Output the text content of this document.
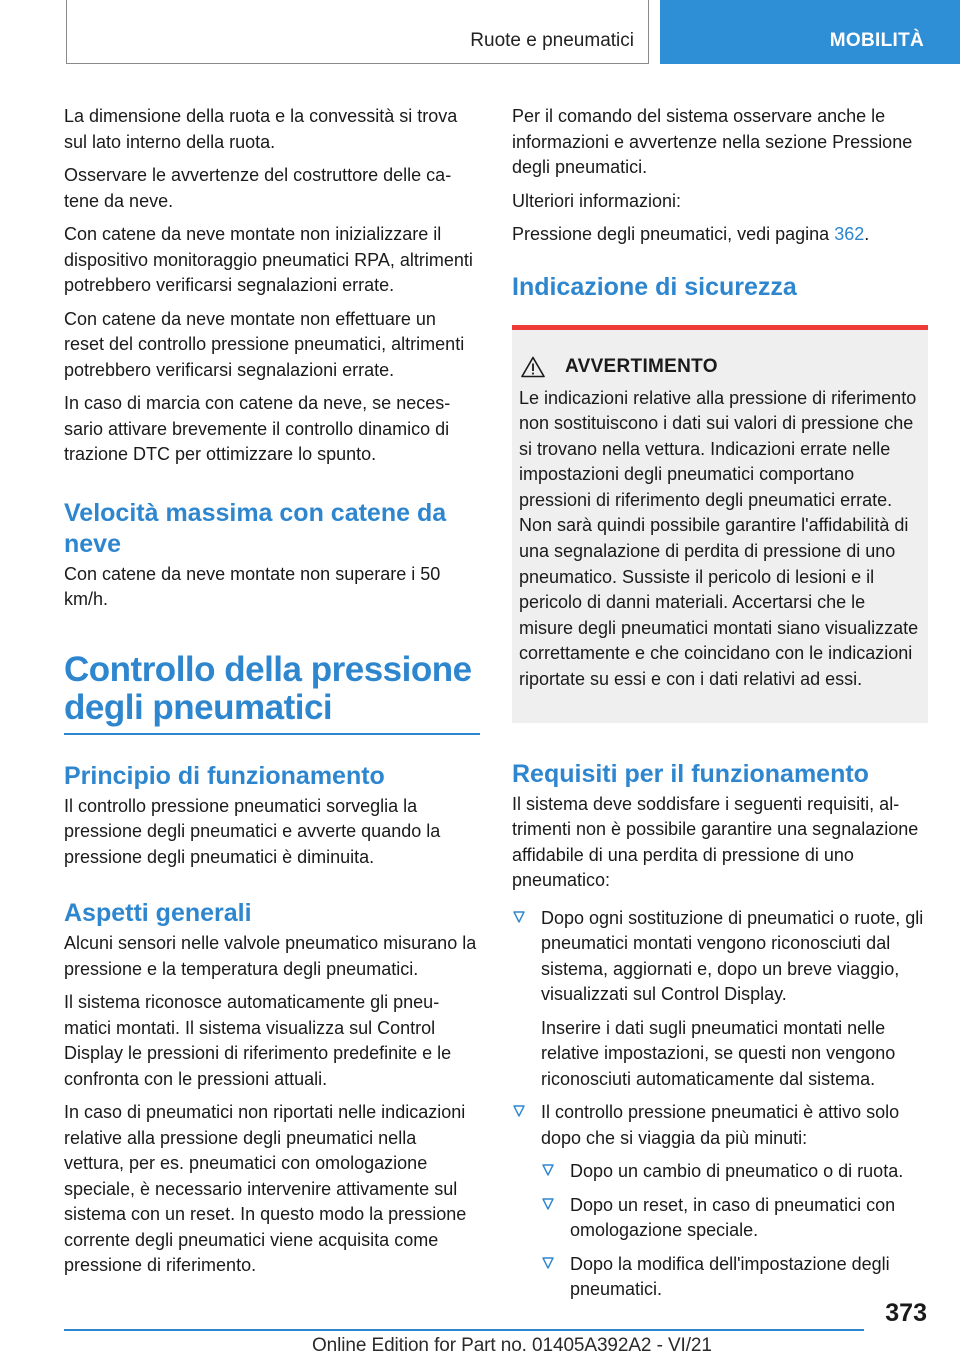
Ruote e pneumatici	MOBILITÀ

La dimensione della ruota e la convessità si trova sul lato interno della ruota.

Osservare le avvertenze del costruttore delle catene da neve.

Con catene da neve montate non inizializzare il dispositivo monitoraggio pneumatici RPA, altrimenti potrebbero verificarsi segnalazioni errate.

Con catene da neve montate non effettuare un reset del controllo pressione pneumatici, altrimenti potrebbero verificarsi segnalazioni errate.

In caso di marcia con catene da neve, se necessario attivare brevemente il controllo dinamico di trazione DTC per ottimizzare lo spunto.

Velocità massima con catene da neve

Con catene da neve montate non superare i 50 km/h.

Controllo della pressione degli pneumatici
Principio di funzionamento

Il controllo pressione pneumatici sorveglia la pressione degli pneumatici e avverte quando la pressione degli pneumatici è diminuita.

Aspetti generali

Alcuni sensori nelle valvole pneumatico misurano la pressione e la temperatura degli pneumatici.

Il sistema riconosce automaticamente gli pneumatici montati. Il sistema visualizza sul Control Display le pressioni di riferimento predefinite e le confronta con le pressioni attuali.

In caso di pneumatici non riportati nelle indicazioni relative alla pressione degli pneumatici nella vettura, per es. pneumatici con omologazione speciale, è necessario intervenire attivamente sul sistema con un reset. In questo modo la pressione corrente degli pneumatici viene acquisita come pressione di riferimento.

Per il comando del sistema osservare anche le informazioni e avvertenze nella sezione Pressione degli pneumatici.

Ulteriori informazioni:

Pressione degli pneumatici, vedi pagina 362.

Indicazione di sicurezza
AVVERTIMENTO

Le indicazioni relative alla pressione di riferimento non sostituiscono i dati sui valori di pressione che si trovano nella vettura. Indicazioni errate nelle impostazioni degli pneumatici comportano pressioni di riferimento degli pneumatici errate. Non sarà quindi possibile garantire l'affidabilità di una segnalazione di perdita di pressione di uno pneumatico. Sussiste il pericolo di lesioni e il pericolo di danni materiali. Accertarsi che le misure degli pneumatici montati siano visualizzate correttamente e che coincidano con le indicazioni riportate su essi e con i dati relativi ad essi.

Requisiti per il funzionamento

Il sistema deve soddisfare i seguenti requisiti, altrimenti non è possibile garantire una segnalazione affidabile di una perdita di pressione di uno pneumatico:

Dopo ogni sostituzione di pneumatici o ruote, gli pneumatici montati vengono riconosciuti dal sistema, aggiornati e, dopo un breve viaggio, visualizzati sul Control Display.

Inserire i dati sugli pneumatici montati nelle relative impostazioni, se questi non vengono riconosciuti automaticamente dal sistema.

Il controllo pressione pneumatici è attivo solo dopo che si viaggia da più minuti:

Dopo un cambio di pneumatico o di ruota.

Dopo un reset, in caso di pneumatici con omologazione speciale.

Dopo la modifica dell'impostazione degli pneumatici.

373
Online Edition for Part no. 01405A392A2 - VI/21
